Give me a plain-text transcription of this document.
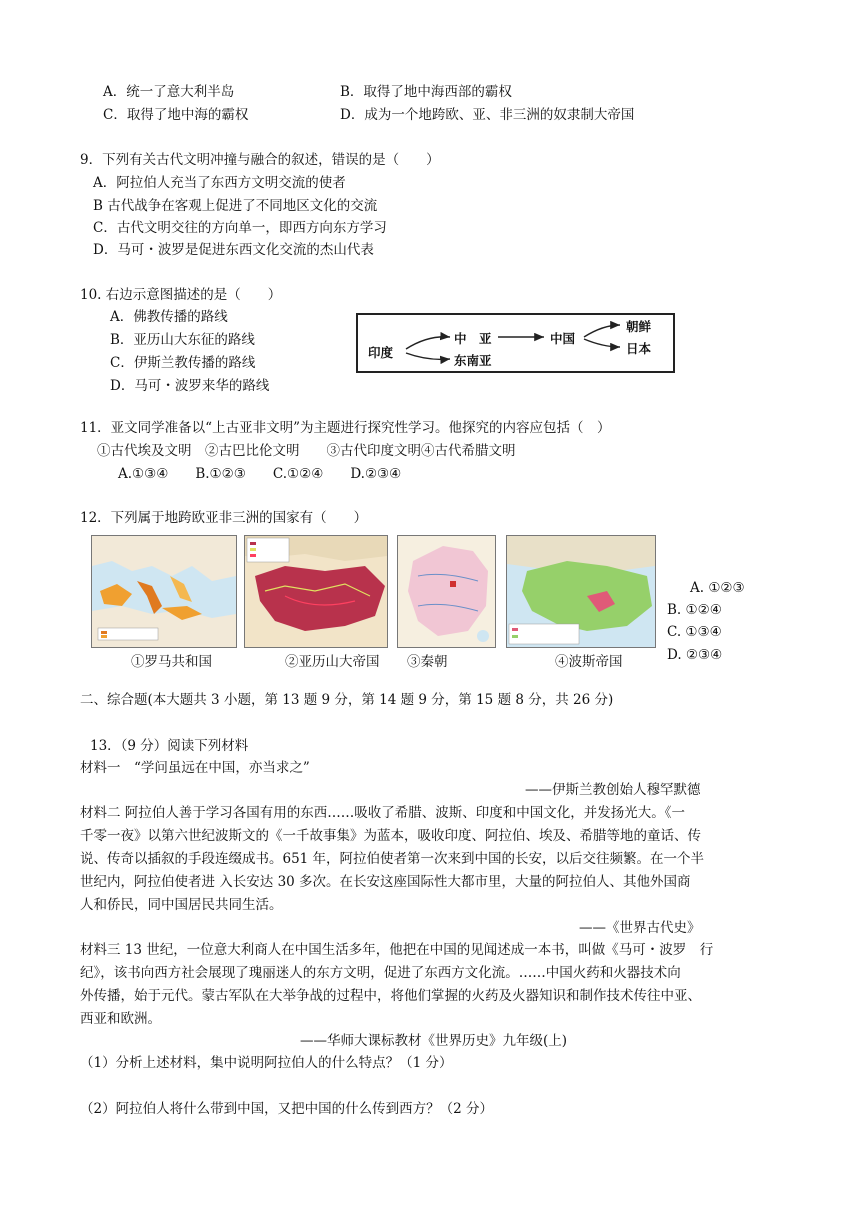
A．统一了意大利半岛	B．取得了地中海西部的霸权
C．取得了地中海的霸权	D．成为一个地跨欧、亚、非三洲的奴隶制大帝国
9．下列有关古代文明冲撞与融合的叙述，错误的是（　　）
A．阿拉伯人充当了东西方文明交流的使者
B 古代战争在客观上促进了不同地区文化的交流
C．古代文明交往的方向单一，即西方向东方学习
D．马可・波罗是促进东西文化交流的杰山代表
10. 右边示意图描述的是（　　）
A．佛教传播的路线
B．亚历山大东征的路线
C．伊斯兰教传播的路线
D．马可・波罗来华的路线
印度
中　亚
东南亚
中国
朝鲜
日本
11．亚文同学准备以“上古亚非文明”为主题进行探究性学习。他探究的内容应包括（　）
①古代埃及文明　②古巴比伦文明　　③古代印度文明④古代希腊文明
A.①③④　　B.①②③　　C.①②④　　D.②③④
12．下列属于地跨欧亚非三洲的国家有（　　）
①罗马共和国	②亚历山大帝国 ③秦朝	④波斯帝国
A. ①②③
B. ①②④
C. ①③④
D. ②③④
二、综合题(本大题共 3 小题，第 13 题 9 分，第 14 题 9 分，第 15 题 8 分，共 26 分)
13．（9 分）阅读下列材料
材料一　“学问虽远在中国，亦当求之”
——伊斯兰教创始人穆罕默德
材料二 阿拉伯人善于学习各国有用的东西……吸收了希腊、波斯、印度和中国文化，并发扬光大。《一
千零一夜》以第六世纪波斯文的《一千故事集》为蓝本，吸收印度、阿拉伯、埃及、希腊等地的童话、传
说、传奇以插叙的手段连缀成书。651 年，阿拉伯使者第一次来到中国的长安，以后交往频繁。在一个半
世纪内，阿拉伯使者进 入长安达 30 多次。在长安这座国际性大都市里，大量的阿拉伯人、其他外国商
人和侨民，同中国居民共同生活。
——《世界古代史》
材料三 13 世纪，一位意大利商人在中国生活多年，他把在中国的见闻述成一本书，叫做《马可・波罗　行
纪》，该书向西方社会展现了瑰丽迷人的东方文明，促进了东西方文化流。……中国火药和火器技术向
外传播，始于元代。蒙古军队在大举争战的过程中，将他们掌握的火药及火器知识和制作技术传往中亚、
西亚和欧洲。
——华师大课标教材《世界历史》九年级(上)
（1）分析上述材料，集中说明阿拉伯人的什么特点？（1 分）
（2）阿拉伯人将什么带到中国，又把中国的什么传到西方？（2 分）
